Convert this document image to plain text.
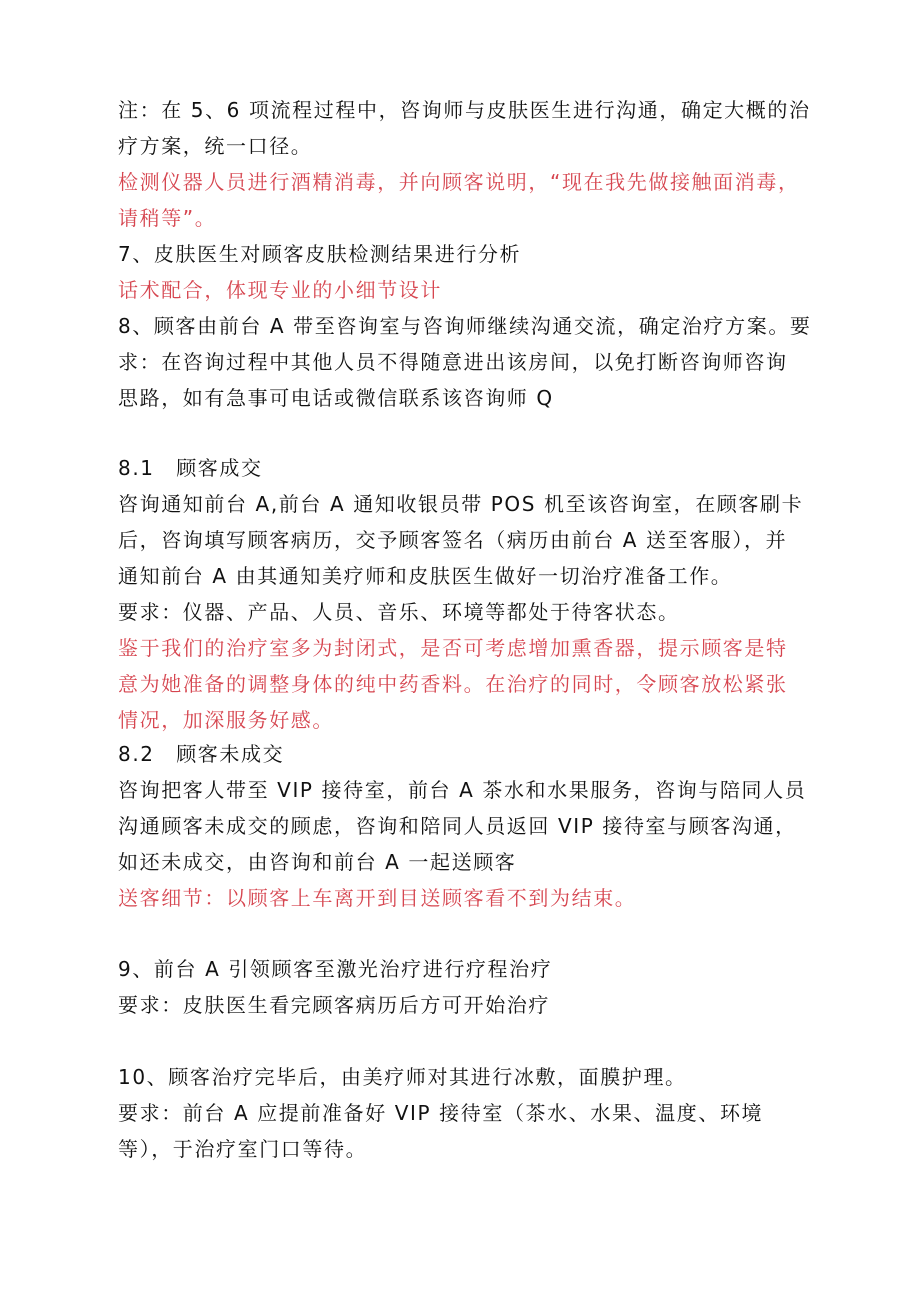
注：在 5、6 项流程过程中，咨询师与皮肤医生进行沟通，确定大概的治

疗方案，统一口径。

检测仪器人员进行酒精消毒，并向顾客说明，“现在我先做接触面消毒，

请稍等”。

7、皮肤医生对顾客皮肤检测结果进行分析

话术配合，体现专业的小细节设计

8、顾客由前台 A 带至咨询室与咨询师继续沟通交流，确定治疗方案。要

求：在咨询过程中其他人员不得随意进出该房间，以免打断咨询师咨询

思路，如有急事可电话或微信联系该咨询师 Q

8.1　顾客成交

咨询通知前台 A,前台 A 通知收银员带 POS 机至该咨询室，在顾客刷卡

后，咨询填写顾客病历，交予顾客签名（病历由前台 A 送至客服），并

通知前台 A 由其通知美疗师和皮肤医生做好一切治疗准备工作。

要求：仪器、产品、人员、音乐、环境等都处于待客状态。

鉴于我们的治疗室多为封闭式，是否可考虑增加熏香器，提示顾客是特

意为她准备的调整身体的纯中药香料。在治疗的同时，令顾客放松紧张

情况，加深服务好感。

8.2　顾客未成交

咨询把客人带至 VIP 接待室，前台 A 茶水和水果服务，咨询与陪同人员

沟通顾客未成交的顾虑，咨询和陪同人员返回 VIP 接待室与顾客沟通，

如还未成交，由咨询和前台 A 一起送顾客

送客细节：以顾客上车离开到目送顾客看不到为结束。

9、前台 A 引领顾客至激光治疗进行疗程治疗

要求：皮肤医生看完顾客病历后方可开始治疗

10、顾客治疗完毕后，由美疗师对其进行冰敷，面膜护理。

要求：前台 A 应提前准备好 VIP 接待室（茶水、水果、温度、环境

等），于治疗室门口等待。
